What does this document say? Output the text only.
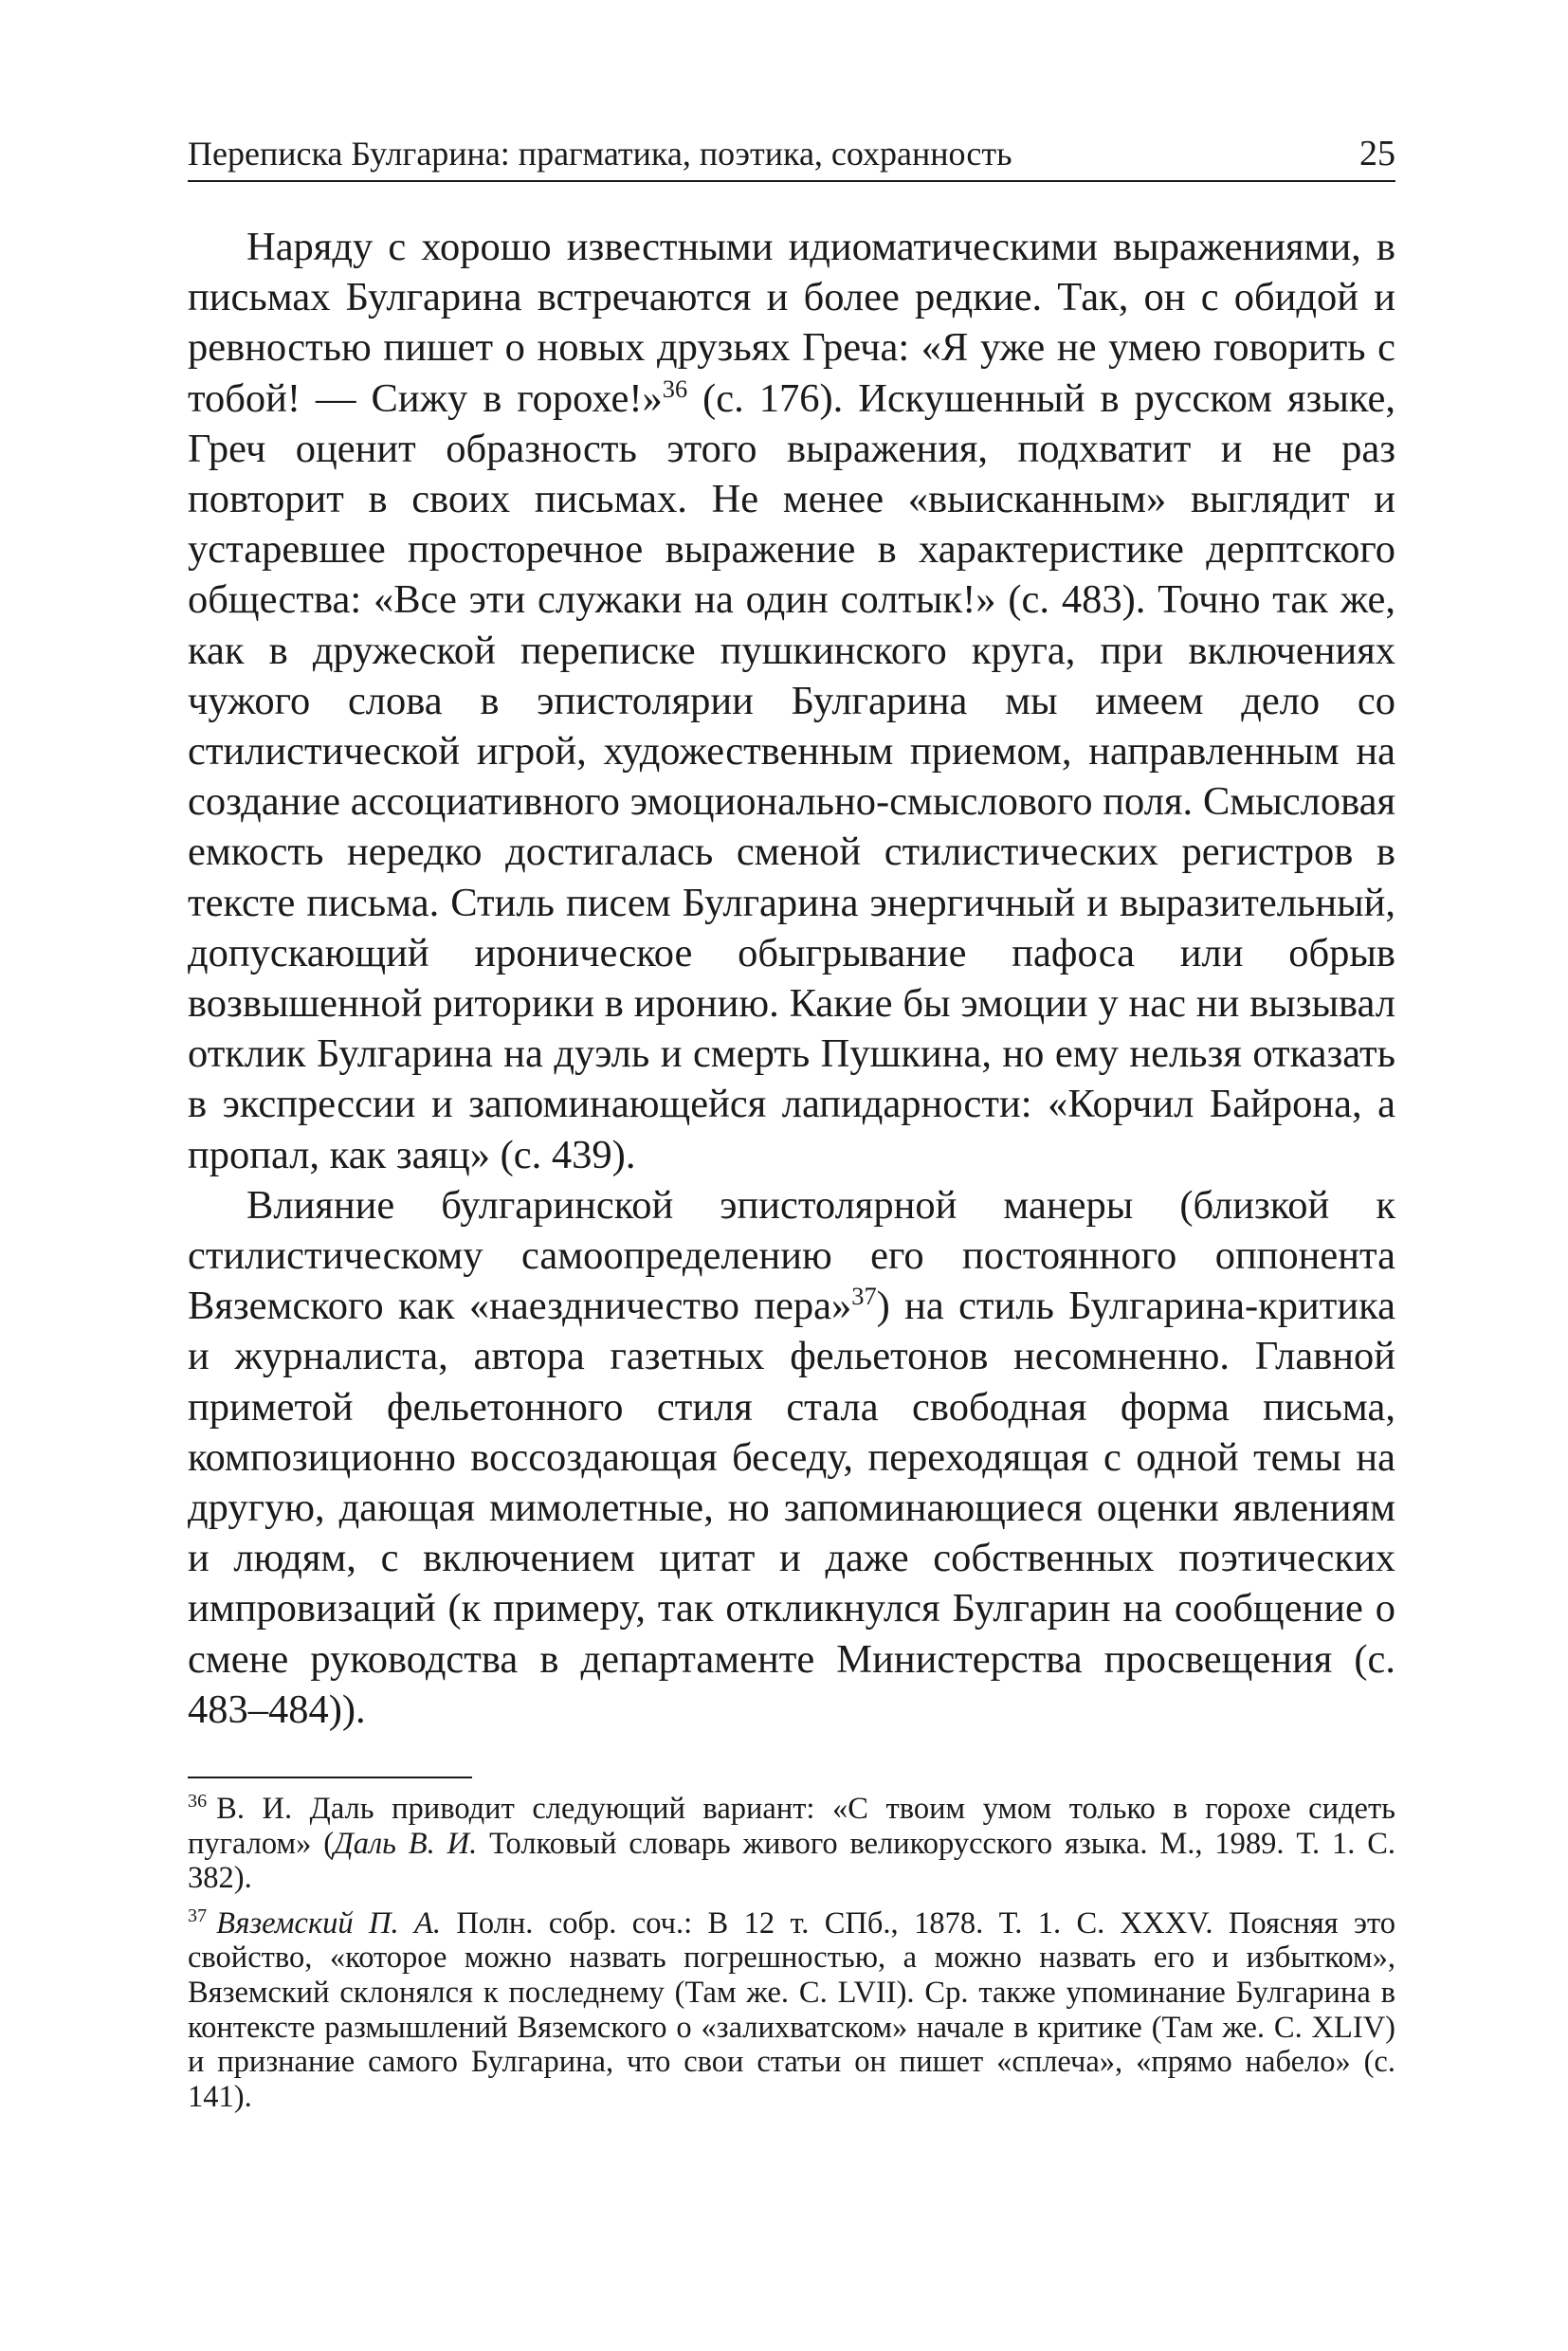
Переписка Булгарина: прагматика, поэтика, сохранность	25

Наряду с хорошо известными идиоматическими выражениями, в письмах Булгарина встречаются и более редкие. Так, он с обидой и ревностью пишет о новых друзьях Греча: «Я уже не умею говорить с тобой! — Сижу в горохе!»$^{36}$ (с. 176). Искушенный в русском языке, Греч оценит образность этого выражения, подхватит и не раз повторит в своих письмах. Не менее «выисканным» выглядит и устаревшее просторечное выражение в характеристике дерптского общества: «Все эти служаки на один солтык!» (с. 483). Точно так же, как в дружеской переписке пушкинского круга, при включениях чужого слова в эпистолярии Булгарина мы имеем дело со стилистической игрой, художественным приемом, направленным на создание ассоциативного эмоционально-смыслового поля. Смысловая емкость нередко достигалась сменой стилистических регистров в тексте письма. Стиль писем Булгарина энергичный и выразительный, допускающий ироническое обыгрывание пафоса или обрыв возвышенной риторики в иронию. Какие бы эмоции у нас ни вызывал отклик Булгарина на дуэль и смерть Пушкина, но ему нельзя отказать в экспрессии и запоминающейся лапидарности: «Корчил Байрона, а пропал, как заяц» (с. 439).

Влияние булгаринской эпистолярной манеры (близкой к стилистическому самоопределению его постоянного оппонента Вяземского как «наездничество пера»$^{37}$) на стиль Булгарина-критика и журналиста, автора газетных фельетонов несомненно. Главной приметой фельетонного стиля стала свободная форма письма, композиционно воссоздающая беседу, переходящая с одной темы на другую, дающая мимолетные, но запоминающиеся оценки явлениям и людям, с включением цитат и даже собственных поэтических импровизаций (к примеру, так откликнулся Булгарин на сообщение о смене руководства в департаменте Министерства просвещения (с. 483–484)).

$^{36}$ В. И. Даль приводит следующий вариант: «С твоим умом только в горохе сидеть пугалом» (Даль В. И. Толковый словарь живого великорусского языка. М., 1989. Т. 1. С. 382).

$^{37}$ Вяземский П. А. Полн. собр. соч.: В 12 т. СПб., 1878. Т. 1. С. XXXV. Поясняя это свойство, «которое можно назвать погрешностью, а можно назвать его и избытком», Вяземский склонялся к последнему (Там же. С. LVII). Ср. также упоминание Булгарина в контексте размышлений Вяземского о «залихватском» начале в критике (Там же. С. XLIV) и признание самого Булгарина, что свои статьи он пишет «сплеча», «прямо набело» (с. 141).
